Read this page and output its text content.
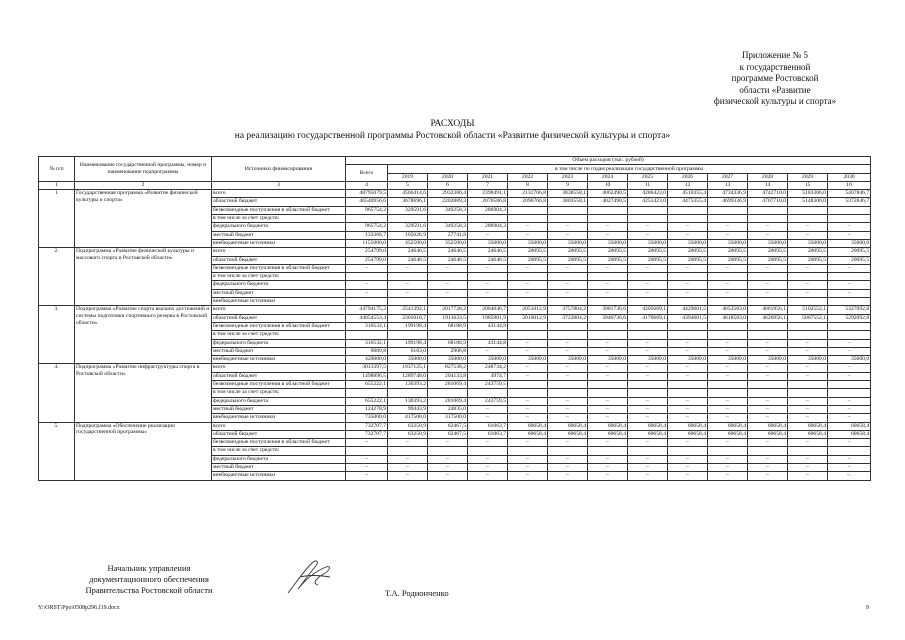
Приложение № 5
к государственной
программе Ростовской
области «Развитие
физической культуры и спорта»
РАСХОДЫ
на реализацию государственной программы Ростовской области «Развитие физической культуры и спорта»
№ п/п	Наименование государственной программы, номер и наименование подпрограммы	Источники финансирования	Объем расходов (тыс. рублей)												
			Всего	в том числе по годам реализации государственной программы											
				2019	2020	2021	2022	2023	2024	2025	2026	2027	2028	2029	2030
1	2	3	4	5	6	7	8	9	10	11	12	13	14	15	16
1	Государственная программа «Развитие физической культуры и спорта»	всего	48795079,5	4566414,6	2932380,4	2398491,1	2131766,8	3838558,1	4062490,5	4286423,0	4510355,4	4734336,9	4742710,0	5183306,0	5407846,7
		областной бюджет	46540956,6	3678696,1	2202889,3	2076586,8	2096766,8	3803558,1	4027490,5	4251423,0	4475355,4	4699336,9	4707710,0	5148306,0	5372846,7
		безвозмездные поступления в областной бюджет	965754,2	329591,6	349258,3	286904,3									
		в том числе за счет средств:													
		федерального бюджета	965754,2	329591,6	349258,3	286904,3	–	–	–	–	–	–	–	–	–
		местный бюджет	133368,7	105626,9	27741,8	–	–	–	–	–	–	–	–	–	–
		внебюджетные источники	1155000,0	452500,0	352500,0	35000,0	35000,0	35000,0	35000,0	35000,0	35000,0	35000,0	35000,0	35000,0	35000,0
2.	Подпрограмма «Развитие физической культуры и массового спорта в Ростовской области»	всего	254799,0	24646,5	24646,5	24646,5	20095,5	20095,5	20095,5	20095,5	20095,5	20095,5	20095,5	20095,5	20095,5
		областной бюджет	254799,0	24646,5	24646,5	24646,5	20095,5	20095,5	20095,5	20095,5	20095,5	20095,5	20095,5	20095,5	20095,5
		безвозмездные поступления в областной бюджет	–	–	–	–	–	–	–	–	–	–	–	–	–
		в том числе за счет средств:													
		федерального бюджета	–	–	–	–	–	–	–	–	–	–	–	–	–
		местный бюджет	–	–	–	–	–	–	–	–	–	–	–	–	–
		внебюджетные источники													
3.	Подпрограмма «Развитие спорта высших достижений и системы подготовки спортивного резерва в Ростовской области»	всего	44794175,3	2541392,1	2017728,2	2064046,7	2051012,9	3757804,2	3981736,6	4205669,1	4429601,5	4653583,0	4661956,1	5102552,1	5327092,8
		областной бюджет	44054553,4	2301010,7	1911633,5	1985901,9	2016012,9	3722804,2	3946736,6	4170669,1	4394601,5	4618583,0	4626956,1	5067552,1	5292092,8
		безвозмездные поступления в областной бюджет	310532,1	199198,4	68188,9	43144,8									
		в том числе за счет средств:													
		федерального бюджета	310532,1	199198,4	68188,9	43144,8	–	–	–	–	–	–	–	–	–
		местный бюджет	9089,8	6183,0	2906,8	–	–	–	–	–	–	–	–	–	–
		внебюджетные источники	420000,0	35000,0	35000,0	35000,0	35000,0	35000,0	35000,0	35000,0	35000,0	35000,0	35000,0	35000,0	35000,0
4.	Подпрограмма «Развитие инфраструктуры спорта в Ростовской области»	всего	3013397,5	1937125,1	827538,2	248734,2	–	–	–	–	–	–	–	–	–
		областной бюджет	1498896,5	1289748,0	204133,8	4974,7	–	–	–	–	–	–	–	–	–
		безвозмездные поступления в областной бюджет	655222,1	130393,2	281069,4	243759,5									
		в том числе за счет средств:													
		федерального бюджета	655222,1	130393,2	281069,4	243759,5	–	–	–	–	–	–	–	–	–
		местный бюджет	124278,9	99443,9	24835,0	–	–	–	–	–	–	–	–	–	–
		внебюджетные источники	735000,0	417500,0	317500,0	–	–	–	–	–	–	–	–	–	–
5.	Подпрограмма «Обеспечение реализации государственной программы»	всего	732707,7	63250,9	62467,5	61063,7	60658,4	60658,4	60658,4	60658,4	60658,4	60658,4	60658,4	60658,4	60658,4
		областной бюджет	732707,7	63250,9	62467,5	61063,7	60658,4	60658,4	60658,4	60658,4	60658,4	60658,4	60658,4	60658,4	60658,4
		безвозмездные поступления в областной бюджет	–	–	–	–	–	–	–	–	–	–	–	–	–
		в том числе за счет средств:													
		федерального бюджета	–	–	–	–	–	–	–	–	–	–	–	–	–
		местный бюджет	–	–	–	–	–	–	–	–	–	–	–	–	–
		внебюджетные источники	–	–	–	–	–	–	–	–	–	–	–	–	–.
Начальник управления
документационного обеспечения
Правительства Ростовской области	Т.А. Родионченко
Y:\ORST\Ppo\0508p296.f19.docx	9
